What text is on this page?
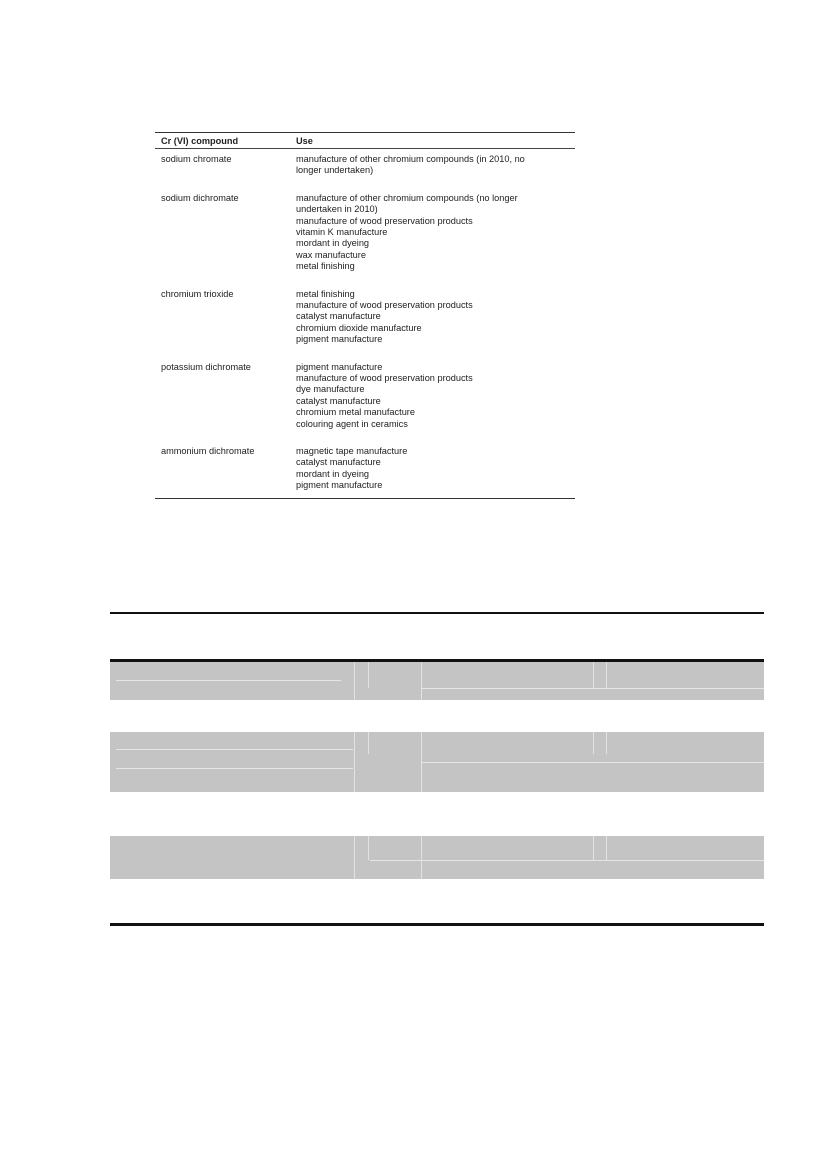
Cr (VI) compound	Use
sodium chromate	manufacture of other chromium compounds (in 2010, no
longer undertaken)
sodium dichromate	manufacture of other chromium compounds (no longer
undertaken in 2010)
manufacture of wood preservation products
vitamin K manufacture
mordant in dyeing
wax manufacture
metal finishing
chromium trioxide	metal finishing
manufacture of wood preservation products
catalyst manufacture
chromium dioxide manufacture
pigment manufacture
potassium dichromate	pigment manufacture
manufacture of wood preservation products
dye manufacture
catalyst manufacture
chromium metal manufacture
colouring agent in ceramics
ammonium dichromate	magnetic tape manufacture
catalyst manufacture
mordant in dyeing
pigment manufacture
